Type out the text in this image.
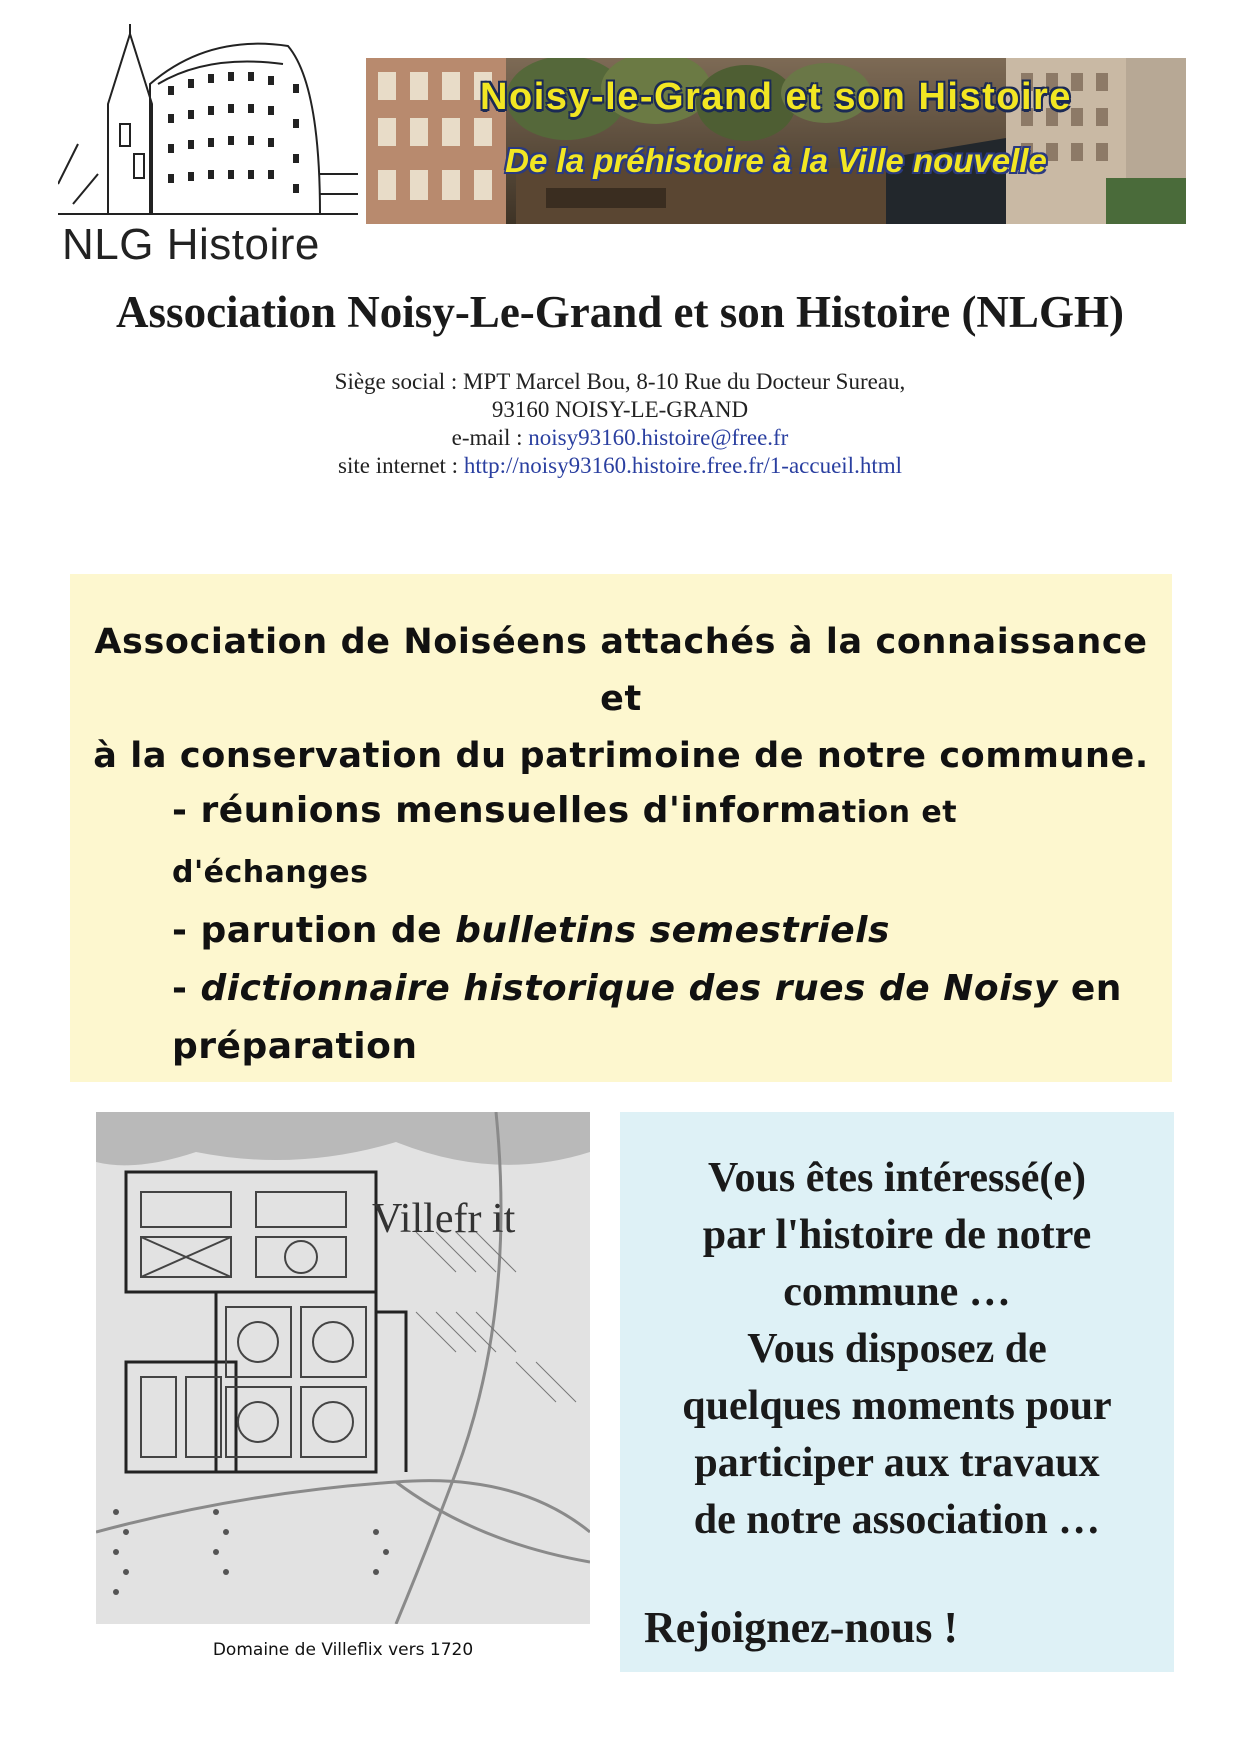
NLG Histoire
Noisy-le-Grand et son Histoire
De la préhistoire à la Ville nouvelle
Association Noisy-Le-Grand et son Histoire (NLGH)
Siège social : MPT Marcel Bou, 8-10 Rue du Docteur Sureau,
93160 NOISY-LE-GRAND
e-mail : noisy93160.histoire@free.fr
site internet : http://noisy93160.histoire.free.fr/1-accueil.html
Association de Noiséens attachés à la connaissance et
à la conservation du patrimoine de notre commune.
- réunions mensuelles d'information et d'échanges
- parution de bulletins semestriels
- dictionnaire historique des rues de Noisy en
préparation
Villefr it
Domaine de Villeflix vers 1720
Vous êtes intéressé(e)
par l'histoire de notre
commune …
Vous disposez de
quelques moments pour
participer aux travaux
de notre association …
Rejoignez-nous !
